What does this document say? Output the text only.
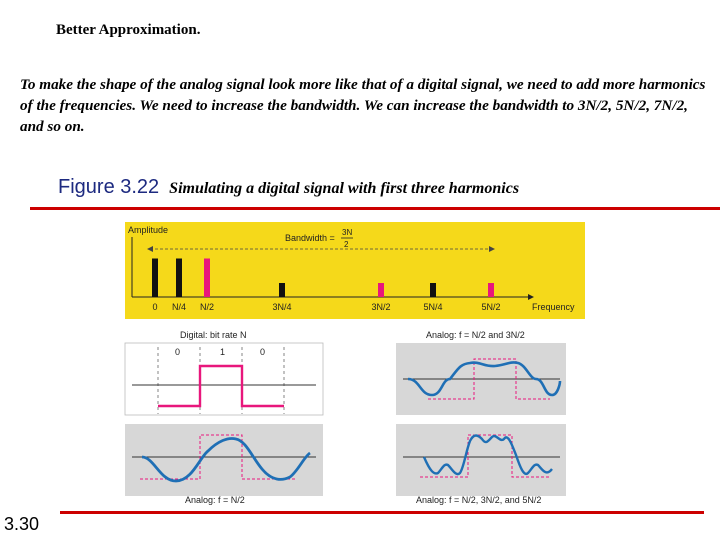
Better Approximation.
To make the shape of the analog signal look more like that of a digital signal, we need to add more harmonics of the frequencies. We need to increase the bandwidth. We can increase the bandwidth to 3N/2, 5N/2, 7N/2, and so on.
Figure 3.22 Simulating a digital signal with first three harmonics
Amplitude
Frequency
Bandwidth =
3N
2
0 N/4 N/2	3N/4	3N/2	5N/4	5N/2
Digital: bit rate N	Analog: f = N/2 and 3N/2
0	1	0
Analog: f = N/2	Analog: f = N/2, 3N/2, and 5N/2
3.30
